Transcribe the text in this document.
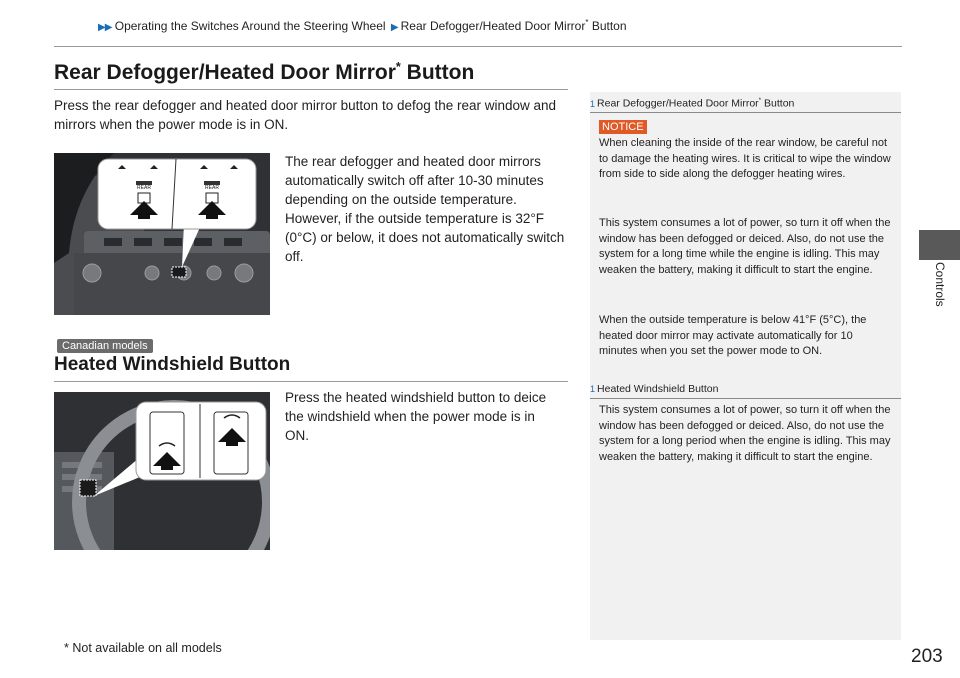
▶▶ Operating the Switches Around the Steering Wheel ▶ Rear Defogger/Heated Door Mirror* Button
Controls
Rear Defogger/Heated Door Mirror* Button

Press the rear defogger and heated door mirror button to defog the rear window and mirrors when the power mode is in ON.

REAR	REAR

The rear defogger and heated door mirrors automatically switch off after 10-30 minutes depending on the outside temperature. However, if the outside temperature is 32°F (0°C) or below, it does not automatically switch off.

Canadian models
Heated Windshield Button

Press the heated windshield button to deice the windshield when the power mode is in ON.

1 Rear Defogger/Heated Door Mirror* Button
NOTICE

When cleaning the inside of the rear window, be careful not to damage the heating wires. It is critical to wipe the window from side to side along the defogger heating wires.

This system consumes a lot of power, so turn it off when the window has been defogged or deiced. Also, do not use the system for a long time while the engine is idling. This may weaken the battery, making it difficult to start the engine.

When the outside temperature is below 41°F (5°C), the heated door mirror may activate automatically for 10 minutes when you set the power mode to ON.

1 Heated Windshield Button

This system consumes a lot of power, so turn it off when the window has been defogged or deiced. Also, do not use the system for a long period when the engine is idling. This may weaken the battery, making it difficult to start the engine.

* Not available on all models	203
